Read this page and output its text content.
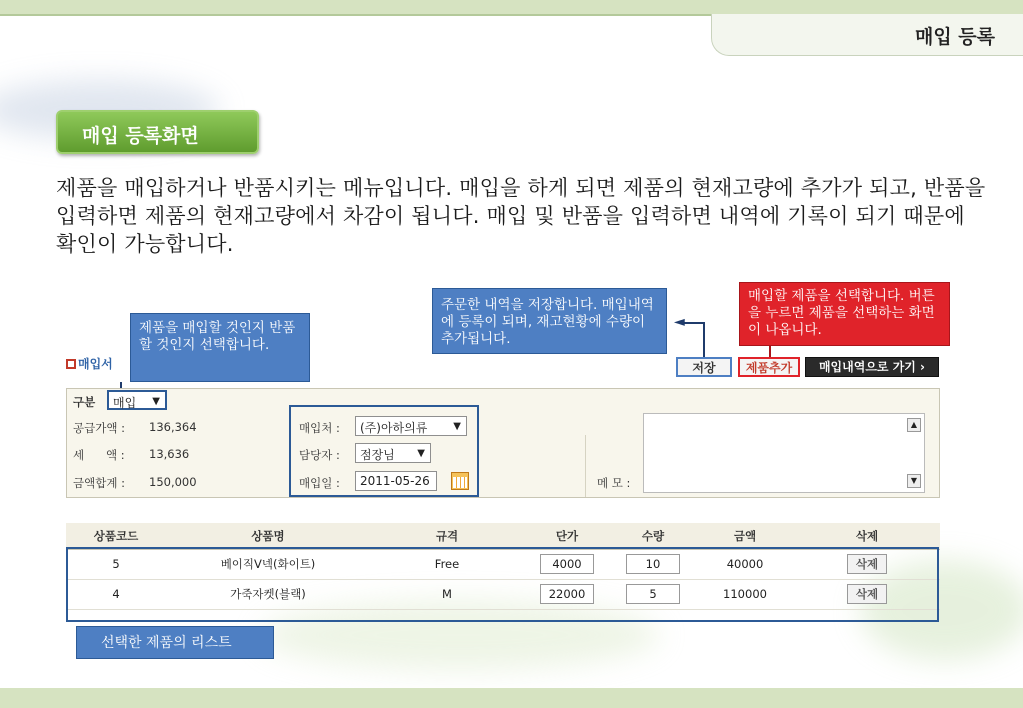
매입 등록
매입 등록화면
제품을 매입하거나 반품시키는 메뉴입니다. 매입을 하게 되면 제품의 현재고량에 추가가 되고, 반품을 입력하면 제품의 현재고량에서 차감이 됩니다. 매입 및 반품을 입력하면 내역에 기록이 되기 때문에 확인이 가능합니다.
제품을 매입할 것인지 반품 할 것인지 선택합니다.
주문한 내역을 저장합니다. 매입내역에 등록이 되며, 재고현황에 수량이 추가됩니다.
매입할 제품을 선택합니다. 버튼을 누르면 제품을 선택하는 화면이 나옵니다.
선택한 제품의 리스트
◄
매입서	저장	제품추가	매입내역으로 가기 ›
구분	매입 ▼
공급가액 : 136,364
세      액 : 13,636
금액합계 : 150,000
매입처 :	(주)아하의류	▼
담당자 :	점장님 ▼
매입일 :	2011-05-26	메 모 :
▲
▼
상품코드	상품명	규격	단가	수량	금액	삭제
5	베이직V넥(화이트)	Free	4000	10	40000	삭제
4	가죽자켓(블랙)	M	22000	5	110000	삭제
